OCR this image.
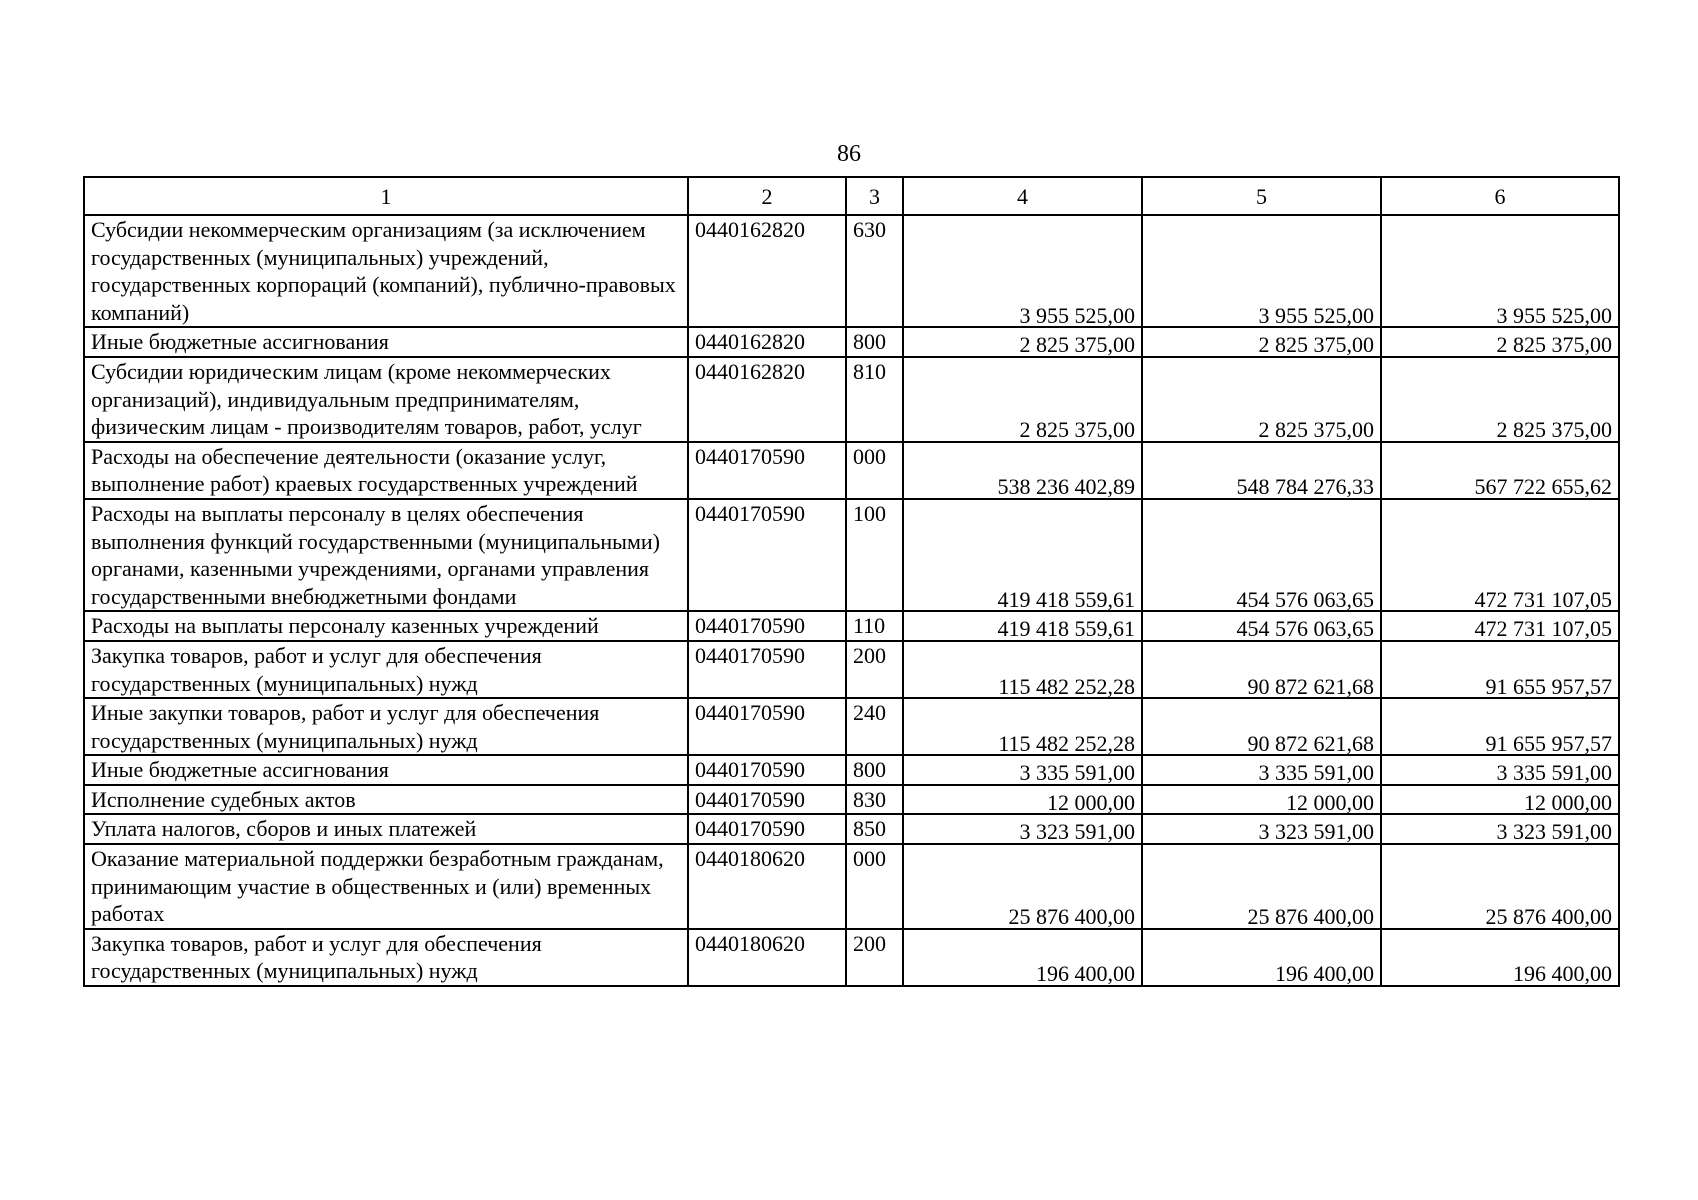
86
1	2	3	4	5	6
Субсидии некоммерческим организациям (за исключением государственных (муниципальных) учреждений, государственных корпораций (компаний), публично-правовых компаний)	0440162820	630	3 955 525,00	3 955 525,00	3 955 525,00
Иные бюджетные ассигнования	0440162820	800	2 825 375,00	2 825 375,00	2 825 375,00
Субсидии юридическим лицам (кроме некоммерческих организаций), индивидуальным предпринимателям, физическим лицам - производителям товаров, работ, услуг	0440162820	810	2 825 375,00	2 825 375,00	2 825 375,00
Расходы на обеспечение деятельности (оказание услуг, выполнение работ) краевых государственных учреждений	0440170590	000	538 236 402,89	548 784 276,33	567 722 655,62
Расходы на выплаты персоналу в целях обеспечения выполнения функций государственными (муниципальными) органами, казенными учреждениями, органами управления государственными внебюджетными фондами	0440170590	100	419 418 559,61	454 576 063,65	472 731 107,05
Расходы на выплаты персоналу казенных учреждений	0440170590	110	419 418 559,61	454 576 063,65	472 731 107,05
Закупка товаров, работ и услуг для обеспечения государственных (муниципальных) нужд	0440170590	200	115 482 252,28	90 872 621,68	91 655 957,57
Иные закупки товаров, работ и услуг для обеспечения государственных (муниципальных) нужд	0440170590	240	115 482 252,28	90 872 621,68	91 655 957,57
Иные бюджетные ассигнования	0440170590	800	3 335 591,00	3 335 591,00	3 335 591,00
Исполнение судебных актов	0440170590	830	12 000,00	12 000,00	12 000,00
Уплата налогов, сборов и иных платежей	0440170590	850	3 323 591,00	3 323 591,00	3 323 591,00
Оказание материальной поддержки безработным гражданам, принимающим участие в общественных и (или) временных работах	0440180620	000	25 876 400,00	25 876 400,00	25 876 400,00
Закупка товаров, работ и услуг для обеспечения государственных (муниципальных) нужд	0440180620	200	196 400,00	196 400,00	196 400,00
